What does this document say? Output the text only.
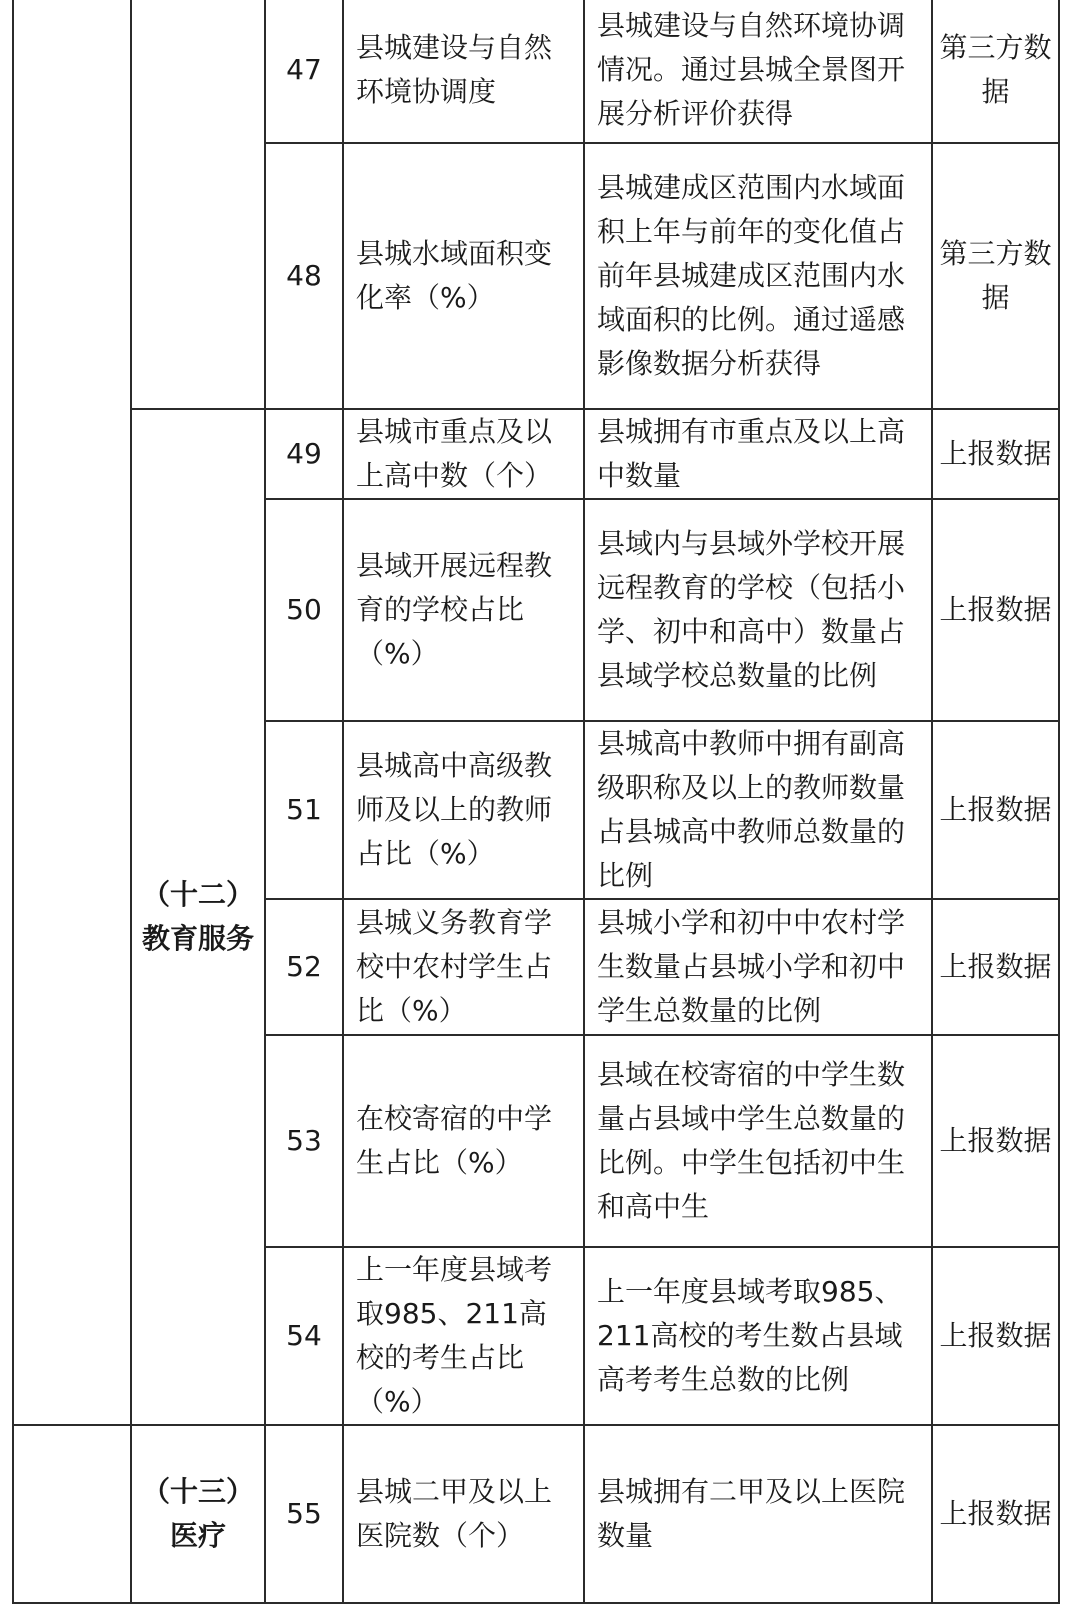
		47	县城建设与自然环境协调度	县城建设与自然环境协调情况。通过县城全景图开展分析评价获得	第三方数据
		48	县城水域面积变化率（%）	县城建成区范围内水域面积上年与前年的变化值占前年县城建成区范围内水域面积的比例。通过遥感影像数据分析获得	第三方数据
	（十二）教育服务	49	县城市重点及以上高中数（个）	县城拥有市重点及以上高中数量	上报数据
		50	县域开展远程教育的学校占比（%）	县域内与县域外学校开展远程教育的学校（包括小学、初中和高中）数量占县域学校总数量的比例	上报数据
		51	县城高中高级教师及以上的教师占比（%）	县城高中教师中拥有副高级职称及以上的教师数量占县城高中教师总数量的比例	上报数据
		52	县城义务教育学校中农村学生占比（%）	县城小学和初中中农村学生数量占县城小学和初中学生总数量的比例	上报数据
		53	在校寄宿的中学生占比（%）	县域在校寄宿的中学生数量占县域中学生总数量的比例。中学生包括初中生和高中生	上报数据
		54	上一年度县域考取985、211高校的考生占比（%）	上一年度县域考取985、211高校的考生数占县域高考考生总数的比例	上报数据
	（十三）医疗	55	县城二甲及以上医院数（个）	县城拥有二甲及以上医院数量	上报数据
